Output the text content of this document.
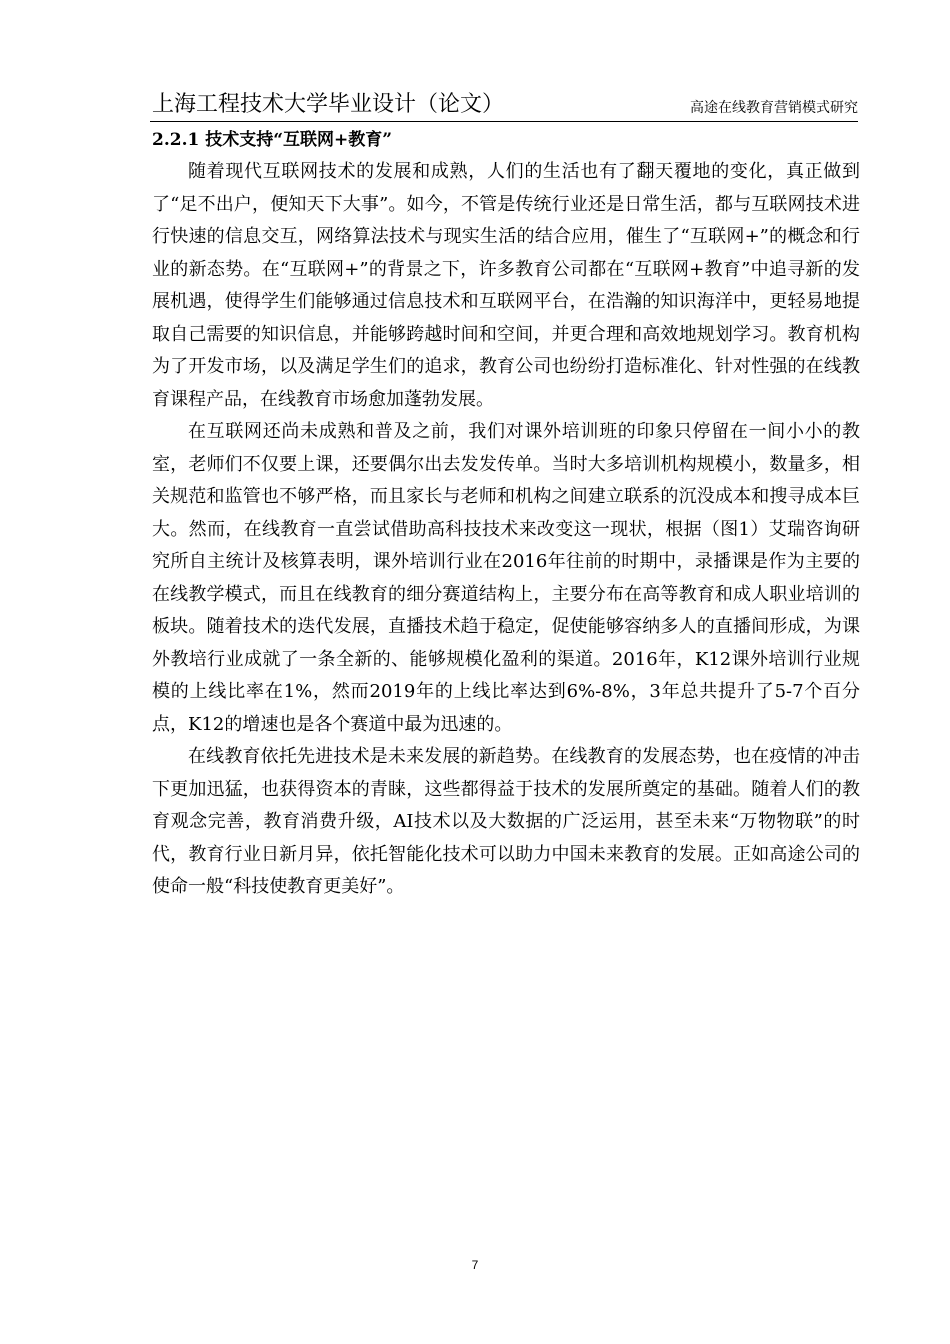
上海工程技术大学毕业设计（论文）	高途在线教育营销模式研究
2.2.1 技术支持“互联网+教育”

随着现代互联网技术的发展和成熟，人们的生活也有了翻天覆地的变化，真正做到了“足不出户，便知天下大事”。如今，不管是传统行业还是日常生活，都与互联网技术进行快速的信息交互，网络算法技术与现实生活的结合应用，催生了“互联网+”的概念和行业的新态势。在“互联网+”的背景之下，许多教育公司都在“互联网+教育”中追寻新的发展机遇，使得学生们能够通过信息技术和互联网平台，在浩瀚的知识海洋中，更轻易地提取自己需要的知识信息，并能够跨越时间和空间，并更合理和高效地规划学习。教育机构为了开发市场，以及满足学生们的追求，教育公司也纷纷打造标准化、针对性强的在线教育课程产品，在线教育市场愈加蓬勃发展。

在互联网还尚未成熟和普及之前，我们对课外培训班的印象只停留在一间小小的教室，老师们不仅要上课，还要偶尔出去发发传单。当时大多培训机构规模小，数量多，相关规范和监管也不够严格，而且家长与老师和机构之间建立联系的沉没成本和搜寻成本巨大。然而，在线教育一直尝试借助高科技技术来改变这一现状，根据（图1）艾瑞咨询研究所自主统计及核算表明，课外培训行业在2016年往前的时期中，录播课是作为主要的在线教学模式，而且在线教育的细分赛道结构上，主要分布在高等教育和成人职业培训的板块。随着技术的迭代发展，直播技术趋于稳定，促使能够容纳多人的直播间形成，为课外教培行业成就了一条全新的、能够规模化盈利的渠道。2016年，K12课外培训行业规模的上线比率在1%，然而2019年的上线比率达到6%-8%，3年总共提升了5-7个百分点，K12的增速也是各个赛道中最为迅速的。

在线教育依托先进技术是未来发展的新趋势。在线教育的发展态势，也在疫情的冲击下更加迅猛，也获得资本的青睐，这些都得益于技术的发展所奠定的基础。随着人们的教育观念完善，教育消费升级，AI技术以及大数据的广泛运用，甚至未来“万物物联”的时代，教育行业日新月异，依托智能化技术可以助力中国未来教育的发展。正如高途公司的使命一般“科技使教育更美好”。

7
